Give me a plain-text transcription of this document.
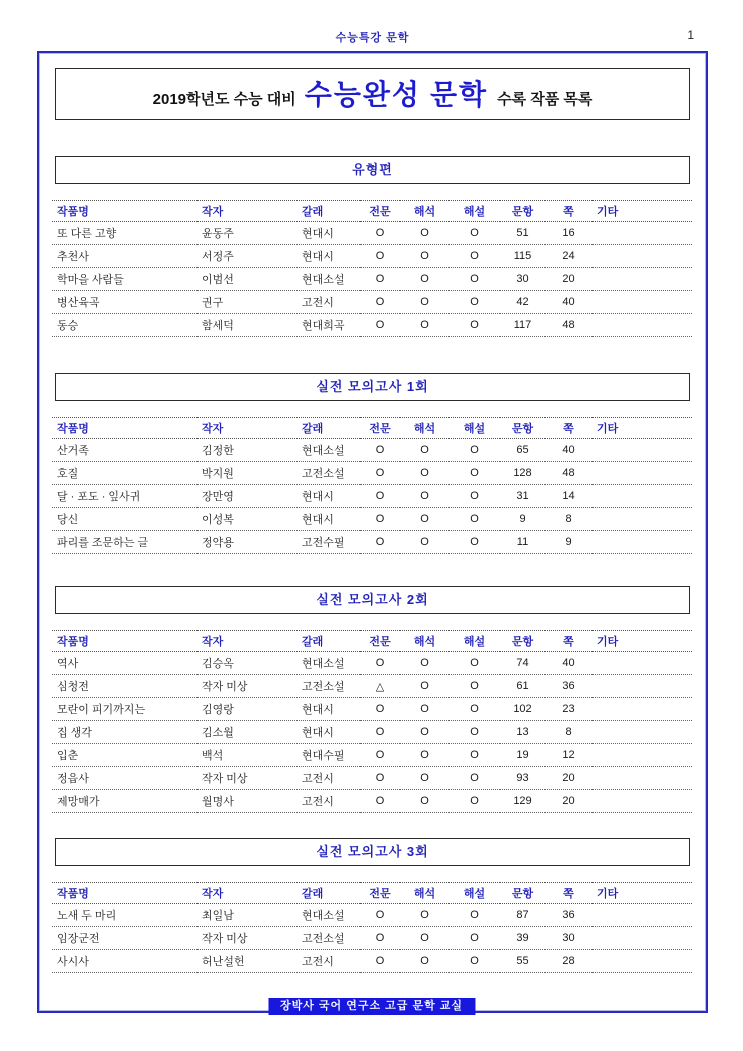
수능특강 문학	1
2019학년도 수능 대비 수능완성 문학 수록 작품 목록
유형편
작품명	작자	갈래	전문	해석	해설	문항	쪽	기타
또 다른 고향	윤동주	현대시	O	O	O	51	16	
추천사	서정주	현대시	O	O	O	115	24	
학마을 사람들	이범선	현대소설	O	O	O	30	20	
병산육곡	권구	고전시	O	O	O	42	40	
동승	함세덕	현대희곡	O	O	O	117	48	
실전 모의고사 1회
작품명	작자	갈래	전문	해석	해설	문항	쪽	기타
산거족	김정한	현대소설	O	O	O	65	40	
호질	박지원	고전소설	O	O	O	128	48	
달 · 포도 · 잎사귀	장만영	현대시	O	O	O	31	14	
당신	이성복	현대시	O	O	O	9	8	
파리를 조문하는 글	정약용	고전수필	O	O	O	11	9	
실전 모의고사 2회
작품명	작자	갈래	전문	해석	해설	문항	쪽	기타
역사	김승옥	현대소설	O	O	O	74	40	
심청전	작자 미상	고전소설	△	O	O	61	36	
모란이 피기까지는	김영랑	현대시	O	O	O	102	23	
집 생각	김소월	현대시	O	O	O	13	8	
입춘	백석	현대수필	O	O	O	19	12	
정읍사	작자 미상	고전시	O	O	O	93	20	
제망매가	월명사	고전시	O	O	O	129	20	
실전 모의고사 3회
작품명	작자	갈래	전문	해석	해설	문항	쪽	기타
노새 두 마리	최일남	현대소설	O	O	O	87	36	
임장군전	작자 미상	고전소설	O	O	O	39	30	
사시사	허난설헌	고전시	O	O	O	55	28	
장박사 국어 연구소 고급 문학 교실
